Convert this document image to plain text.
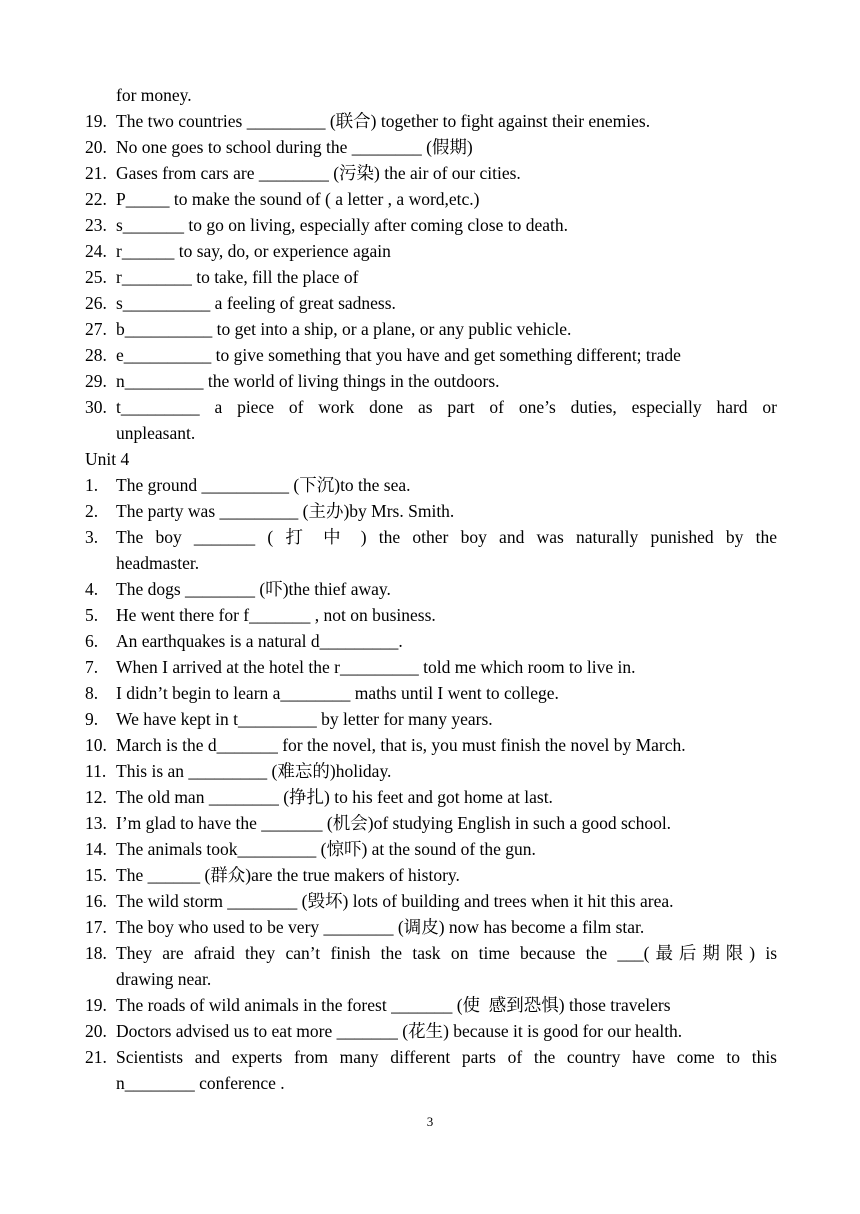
for money.
19. The two countries _________ (联合) together to fight against their enemies.
20. No one goes to school during the ________ (假期)
21. Gases from cars are ________ (污染) the air of our cities.
22. P_____ to make the sound of ( a letter , a word,etc.)
23. s_______ to go on living, especially after coming close to death.
24. r______ to say, do, or experience again
25. r________ to take, fill the place of
26. s__________ a feeling of great sadness.
27. b__________ to get into a ship, or a plane, or any public vehicle.
28. e__________ to give something that you have and get something different; trade
29. n_________ the world of living things in the outdoors.
30. t_________ a piece of work done as part of one’s duties, especially hard or
unpleasant.
Unit 4
1.	The ground __________ (下沉)to the sea.
2.	The party was _________ (主办)by Mrs. Smith.
3.	The boy _______ ( 打 中 ) the other boy and was naturally punished by the
headmaster.
4.	The dogs ________ (吓)the thief away.
5.	He went there for f_______ , not on business.
6.	An earthquakes is a natural d_________.
7.	When I arrived at the hotel the r_________ told me which room to live in.
8.	I didn’t begin to learn a________ maths until I went to college.
9.	We have kept in t_________ by letter for many years.
10. March is the d_______ for the novel, that is, you must finish the novel by March.
11. This is an _________ (难忘的)holiday.
12. The old man ________ (挣扎) to his feet and got home at last.
13. I’m glad to have the _______ (机会)of studying English in such a good school.
14. The animals took_________ (惊吓) at the sound of the gun.
15. The ______ (群众)are the true makers of history.
16. The wild storm ________ (毁坏) lots of building and trees when it hit this area.
17. The boy who used to be very ________ (调皮) now has become a film star.
18. They are afraid they can’t finish the task on time because the ___(最后期限) is
drawing near.
19. The roads of wild animals in the forest _______ (使  感到恐惧) those travelers
20. Doctors advised us to eat more _______ (花生) because it is good for our health.
21. Scientists and experts from many different parts of the country have come to this
n________ conference .
3
